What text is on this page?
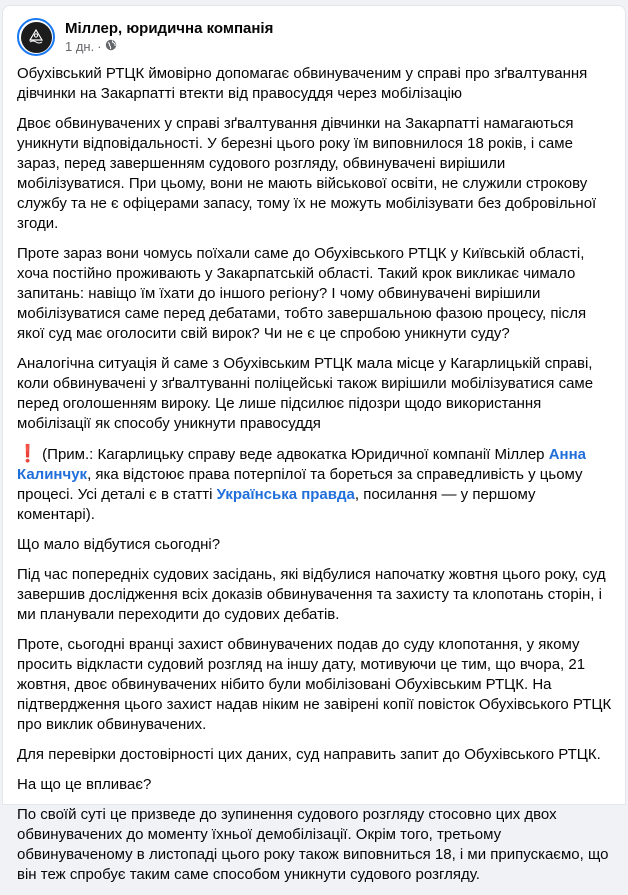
Міллер, юридична компанія
1 дн. ·

Обухівський РТЦК ймовірно допомагає обвинуваченим у справі про зґвалтування дівчинки на Закарпатті втекти від правосуддя через мобілізацію

Двоє обвинувачених у справі зґвалтування дівчинки на Закарпатті намагаються уникнути відповідальності. У березні цього року їм виповнилося 18 років, і саме зараз, перед завершенням судового розгляду, обвинувачені вирішили мобілізуватися. При цьому, вони не мають військової освіти, не служили строкову службу та не є офіцерами запасу, тому їх не можуть мобілізувати без добровільної згоди.

Проте зараз вони чомусь поїхали саме до Обухівського РТЦК у Київській області, хоча постійно проживають у Закарпатській області. Такий крок викликає чимало запитань: навіщо їм їхати до іншого регіону? І чому обвинувачені вирішили мобілізуватися саме перед дебатами, тобто завершальною фазою процесу, після якої суд має оголосити свій вирок? Чи не є це спробою уникнути суду?

Аналогічна ситуація й саме з Обухівським РТЦК мала місце у Кагарлицькій справі, коли обвинувачені у зґвалтуванні поліцейські також вирішили мобілізуватися саме перед оголошенням вироку. Це лише підсилює підозри щодо використання мобілізації як способу уникнути правосуддя

❗ (Прим.: Кагарлицьку справу веде адвокатка Юридичної компанії Міллер Анна Калинчук, яка відстоює права потерпілої та бореться за справедливість у цьому процесі. Усі деталі є в статті Українська правда, посилання — у першому коментарі).

Що мало відбутися сьогодні?

Під час попередніх судових засідань, які відбулися напочатку жовтня цього року, суд завершив дослідження всіх доказів обвинувачення та захисту та клопотань сторін, і ми планували переходити до судових дебатів.

Проте, сьогодні вранці захист обвинувачених подав до суду клопотання, у якому просить відкласти судовий розгляд на іншу дату, мотивуючи це тим, що вчора, 21 жовтня, двоє обвинувачених нібито були мобілізовані Обухівським РТЦК. На підтвердження цього захист надав ніким не завірені копії повісток Обухівського РТЦК про виклик обвинувачених.

Для перевірки достовірності цих даних, суд направить запит до Обухівського РТЦК.

На що це впливає?

По своїй суті це призведе до зупинення судового розгляду стосовно цих двох обвинувачених до моменту їхньої демобілізації. Окрім того, третьому обвинуваченому в листопаді цього року також виповниться 18, і ми припускаємо, що він теж спробує таким саме способом уникнути судового розгляду.
